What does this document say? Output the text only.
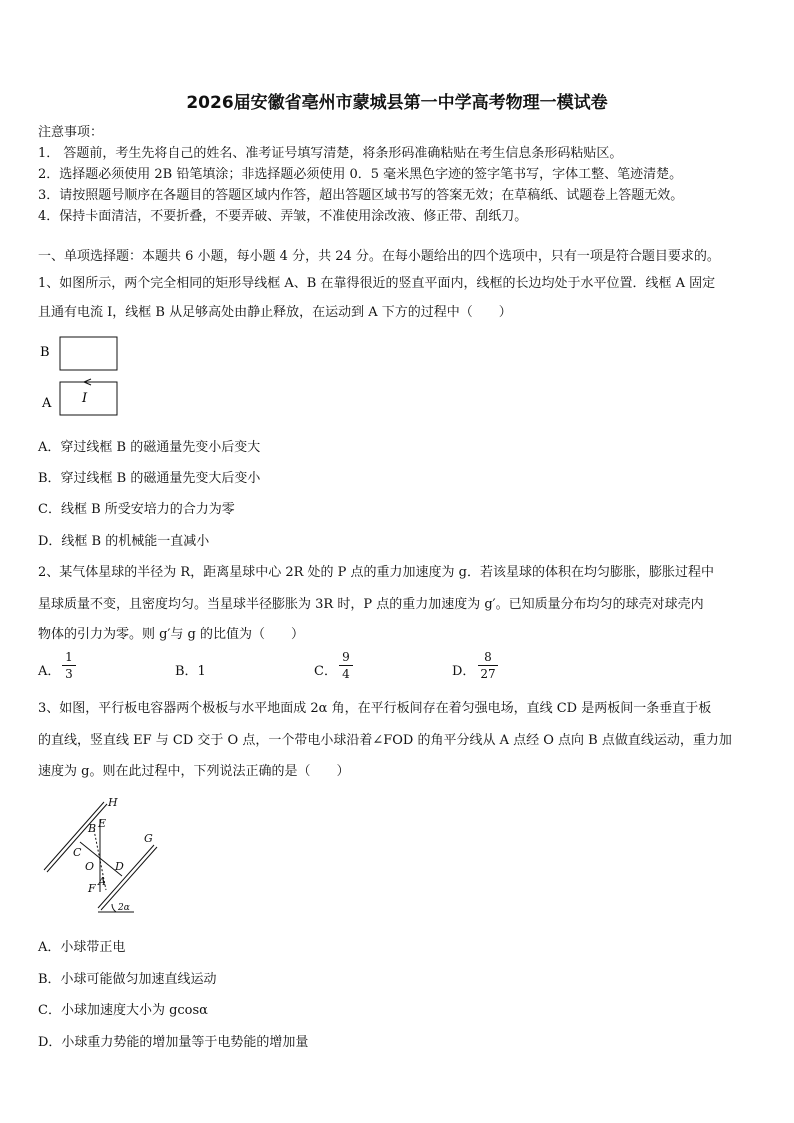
2026届安徽省亳州市蒙城县第一中学高考物理一模试卷
注意事项：
1． 答题前，考生先将自己的姓名、准考证号填写清楚，将条形码准确粘贴在考生信息条形码粘贴区。
2．选择题必须使用 2B 铅笔填涂；非选择题必须使用 0．5 毫米黑色字迹的签字笔书写，字体工整、笔迹清楚。
3．请按照题号顺序在各题目的答题区域内作答，超出答题区域书写的答案无效；在草稿纸、试题卷上答题无效。
4．保持卡面清洁，不要折叠，不要弄破、弄皱，不准使用涂改液、修正带、刮纸刀。
一、单项选择题：本题共 6 小题，每小题 4 分，共 24 分。在每小题给出的四个选项中，只有一项是符合题目要求的。
1、如图所示，两个完全相同的矩形导线框 A、B 在靠得很近的竖直平面内，线框的长边均处于水平位置．线框 A 固定
且通有电流 I，线框 B 从足够高处由静止释放，在运动到 A 下方的过程中（　　）
B
A I
A．穿过线框 B 的磁通量先变小后变大
B．穿过线框 B 的磁通量先变大后变小
C．线框 B 所受安培力的合力为零
D．线框 B 的机械能一直减小
2、某气体星球的半径为 R，距离星球中心 2R 处的 P 点的重力加速度为 g．若该星球的体积在均匀膨胀，膨胀过程中
星球质量不变，且密度均匀。当星球半径膨胀为 3R 时，P 点的重力加速度为 g′。已知质量分布均匀的球壳对球壳内
物体的引力为零。则 g′与 g 的比值为（　　）
A．
1
3	B．1	C．
9
4	D．
8
27
3、如图，平行板电容器两个极板与水平地面成 2α 角，在平行板间存在着匀强电场，直线 CD 是两板间一条垂直于板
的直线，竖直线 EF 与 CD 交于 O 点，一个带电小球沿着∠FOD 的角平分线从 A 点经 O 点向 B 点做直线运动，重力加
速度为 g。则在此过程中，下列说法正确的是（　　）
H
G
B E
C
O D
F
A
2α
A．小球带正电
B．小球可能做匀加速直线运动
C．小球加速度大小为 gcosα
D．小球重力势能的增加量等于电势能的增加量
